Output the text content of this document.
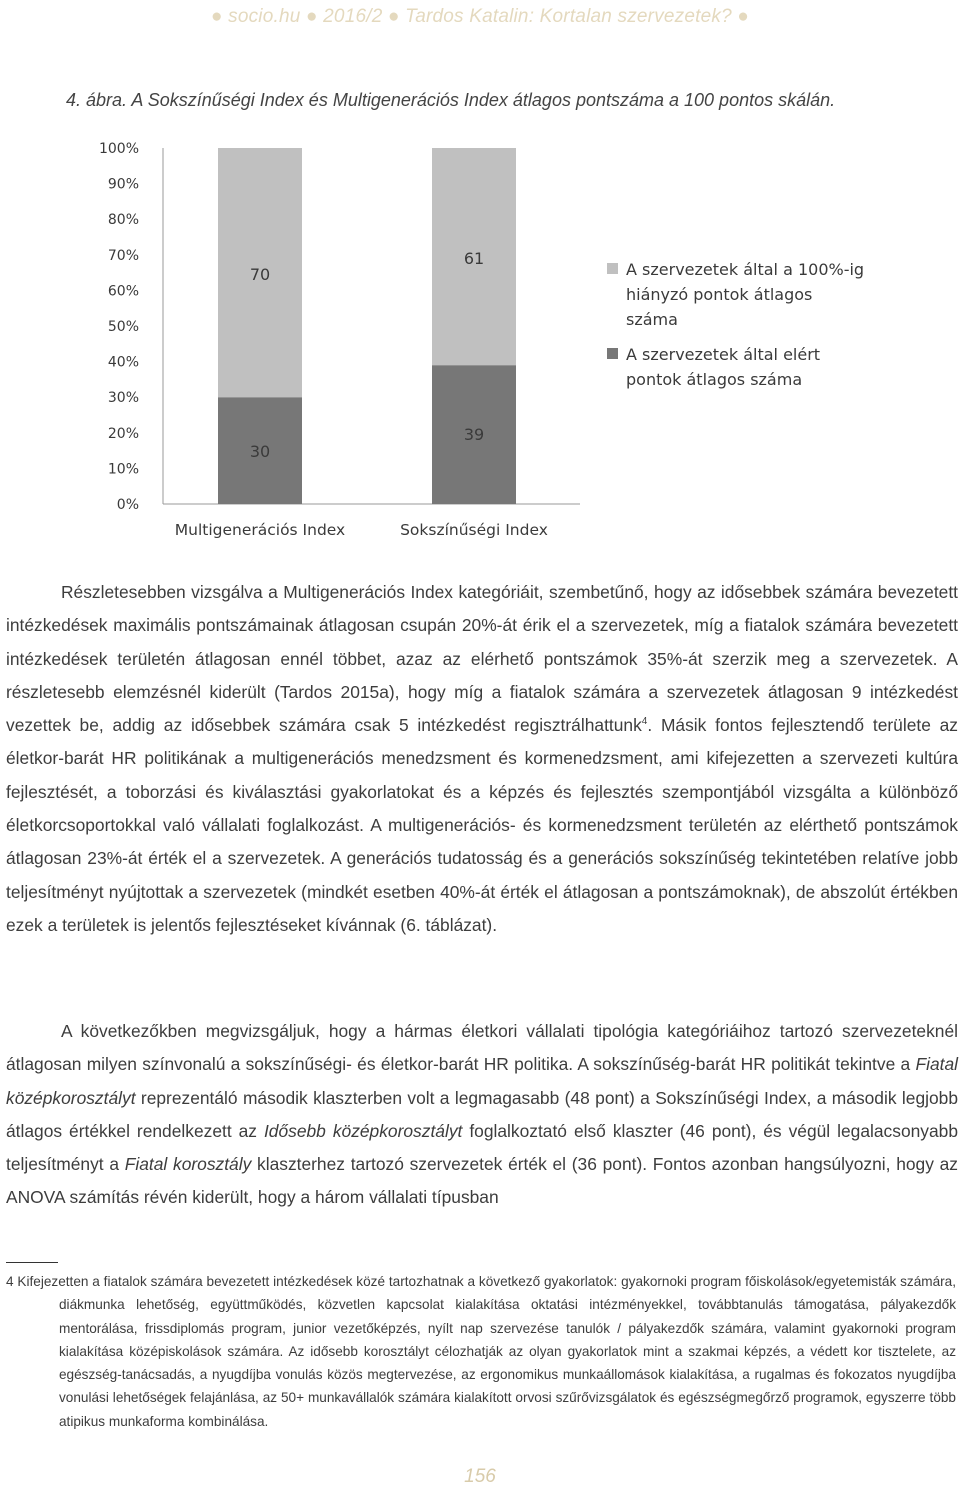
● socio.hu ● 2016/2 ● Tardos Katalin: Kortalan szervezetek? ●
4. ábra. A Sokszínűségi Index és Multigenerációs Index átlagos pontszáma a 100 pontos skálán.
0%
10%
20%
30%
40%
50%
60%
70%
80%
90%
100%
30
70
Multigenerációs Index
39
61
Sokszínűségi Index
A szervezetek által a 100%-ig
hiányzó pontok átlagos
száma
A szervezetek által elért
pontok átlagos száma

Részletesebben vizsgálva a Multigenerációs Index kategóriáit, szembetűnő, hogy az idősebbek számára bevezetett intézkedések maximális pontszámainak átlagosan csupán 20%-át érik el a szervezetek, míg a fiatalok számára bevezetett intézkedések területén átlagosan ennél többet, azaz az elérhető pontszámok 35%-át szerzik meg a szervezetek. A részletesebb elemzésnél kiderült (Tardos 2015a), hogy míg a fiatalok számára a szervezetek átlagosan 9 intézkedést vezettek be, addig az idősebbek számára csak 5 intézkedést regisztrálhattunk$^4$. Másik fontos fejlesztendő területe az életkor-barát HR politikának a multigenerációs menedzsment és kormenedzsment, ami kifejezetten a szervezeti kultúra fejlesztését, a toborzási és kiválasztási gyakorlatokat és a képzés és fejlesztés szempontjából vizsgálta a különböző életkorcsoportokkal való vállalati foglalkozást. A multigenerációs- és kormenedzsment területén az elérthető pontszámok átlagosan 23%-át érték el a szervezetek. A generációs tudatosság és a generációs sokszínűség tekintetében relatíve jobb teljesítményt nyújtottak a szervezetek (mindkét esetben 40%-át érték el átlagosan a pontszámoknak), de abszolút értékben ezek a területek is jelentős fejlesztéseket kívánnak (6. táblázat).

A következőkben megvizsgáljuk, hogy a hármas életkori vállalati tipológia kategóriáihoz tartozó szervezeteknél átlagosan milyen színvonalú a sokszínűségi- és életkor-barát HR politika. A sokszínűség-barát HR politikát tekintve a Fiatal középkorosztályt reprezentáló második klaszterben volt a legmagasabb (48 pont) a Sokszínűségi Index, a második legjobb átlagos értékkel rendelkezett az Idősebb középkorosztályt foglalkoztató első klaszter (46 pont), és végül legalacsonyabb teljesítményt a Fiatal korosztály klaszterhez tartozó szervezetek érték el (36 pont). Fontos azonban hangsúlyozni, hogy az ANOVA számítás révén kiderült, hogy a három vállalati típusban

4 Kifejezetten a fiatalok számára bevezetett intézkedések közé tartozhatnak a következő gyakorlatok: gyakornoki program főiskolások/egyetemisták számára, diákmunka lehetőség, együttműködés, közvetlen kapcsolat kialakítása oktatási intézményekkel, továbbtanulás támogatása, pályakezdők mentorálása, frissdiplomás program, junior vezetőképzés, nyílt nap szervezése tanulók / pályakezdők számára, valamint gyakornoki program kialakítása középiskolások számára. Az idősebb korosztályt célozhatják az olyan gyakorlatok mint a szakmai képzés, a védett kor tisztelete, az egészség-tanácsadás, a nyugdíjba vonulás közös megtervezése, az ergonomikus munkaállomások kialakítása, a rugalmas és fokozatos nyugdíjba vonulási lehetőségek felajánlása, az 50+ munkavállalók számára kialakított orvosi szűrővizsgálatok és egészségmegőrző programok, egyszerre több atipikus munkaforma kombinálása.

156
